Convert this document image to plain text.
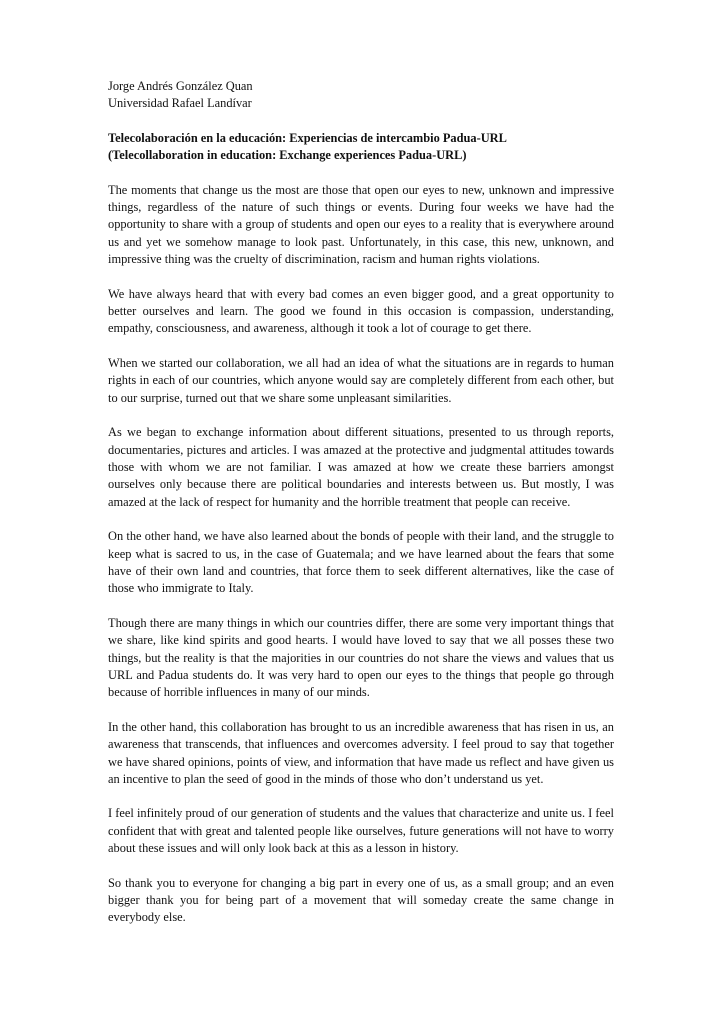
Jorge Andrés González Quan
Universidad Rafael Landívar
Telecolaboración en la educación: Experiencias de intercambio Padua-URL
(Telecollaboration in education: Exchange experiences Padua-URL)

The moments that change us the most are those that open our eyes to new, unknown and impressive things, regardless of the nature of such things or events. During four weeks we have had the opportunity to share with a group of students and open our eyes to a reality that is everywhere around us and yet we somehow manage to look past. Unfortunately, in this case, this new, unknown, and impressive thing was the cruelty of discrimination, racism and human rights violations.

We have always heard that with every bad comes an even bigger good, and a great opportunity to better ourselves and learn. The good we found in this occasion is compassion, understanding, empathy, consciousness, and awareness, although it took a lot of courage to get there.

When we started our collaboration, we all had an idea of what the situations are in regards to human rights in each of our countries, which anyone would say are completely different from each other, but to our surprise, turned out that we share some unpleasant similarities.

As we began to exchange information about different situations, presented to us through reports, documentaries, pictures and articles. I was amazed at the protective and judgmental attitudes towards those with whom we are not familiar. I was amazed at how we create these barriers amongst ourselves only because there are political boundaries and interests between us. But mostly, I was amazed at the lack of respect for humanity and the horrible treatment that people can receive.

On the other hand, we have also learned about the bonds of people with their land, and the struggle to keep what is sacred to us, in the case of Guatemala; and we have learned about the fears that some have of their own land and countries, that force them to seek different alternatives, like the case of those who immigrate to Italy.

Though there are many things in which our countries differ, there are some very important things that we share, like kind spirits and good hearts. I would have loved to say that we all posses these two things, but the reality is that the majorities in our countries do not share the views and values that us URL and Padua students do. It was very hard to open our eyes to the things that people go through because of horrible influences in many of our minds.

In the other hand, this collaboration has brought to us an incredible awareness that has risen in us, an awareness that transcends, that influences and overcomes adversity. I feel proud to say that together we have shared opinions, points of view, and information that have made us reflect and have given us an incentive to plan the seed of good in the minds of those who don’t understand us yet.

I feel infinitely proud of our generation of students and the values that characterize and unite us. I feel confident that with great and talented people like ourselves, future generations will not have to worry about these issues and will only look back at this as a lesson in history.

So thank you to everyone for changing a big part in every one of us, as a small group; and an even bigger thank you for being part of a movement that will someday create the same change in everybody else.
